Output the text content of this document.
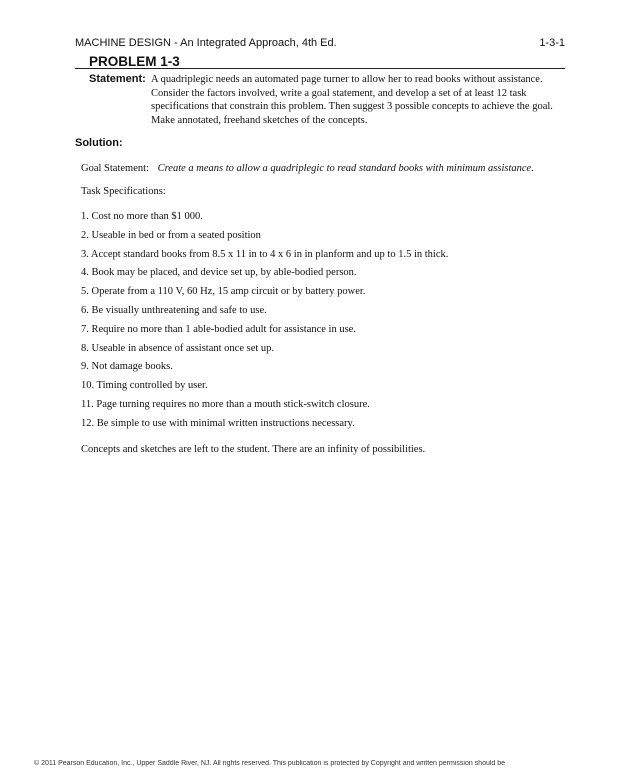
MACHINE DESIGN - An Integrated Approach, 4th Ed.	1-3-1
PROBLEM 1-3
Statement: A quadriplegic needs an automated page turner to allow her to read books without assistance.
Consider the factors involved, write a goal statement, and develop a set of at least 12 task
specifications that constrain this problem. Then suggest 3 possible concepts to achieve the goal.
Make annotated, freehand sketches of the concepts.
Solution:
Goal Statement: Create a means to allow a quadriplegic to read standard books with minimum assistance.
Task Specifications:
1. Cost no more than $1 000.
2. Useable in bed or from a seated position
3. Accept standard books from 8.5 x 11 in to 4 x 6 in in planform and up to 1.5 in thick.
4. Book may be placed, and device set up, by able-bodied person.
5. Operate from a 110 V, 60 Hz, 15 amp circuit or by battery power.
6. Be visually unthreatening and safe to use.
7. Require no more than 1 able-bodied adult for assistance in use.
8. Useable in absence of assistant once set up.
9. Not damage books.
10. Timing controlled by user.
11. Page turning requires no more than a mouth stick-switch closure.
12. Be simple to use with minimal written instructions necessary.
Concepts and sketches are left to the student. There are an infinity of possibilities.
© 2011 Pearson Education, Inc., Upper Saddle River, NJ. All rights reserved. This publication is protected by Copyright and written permission should be
